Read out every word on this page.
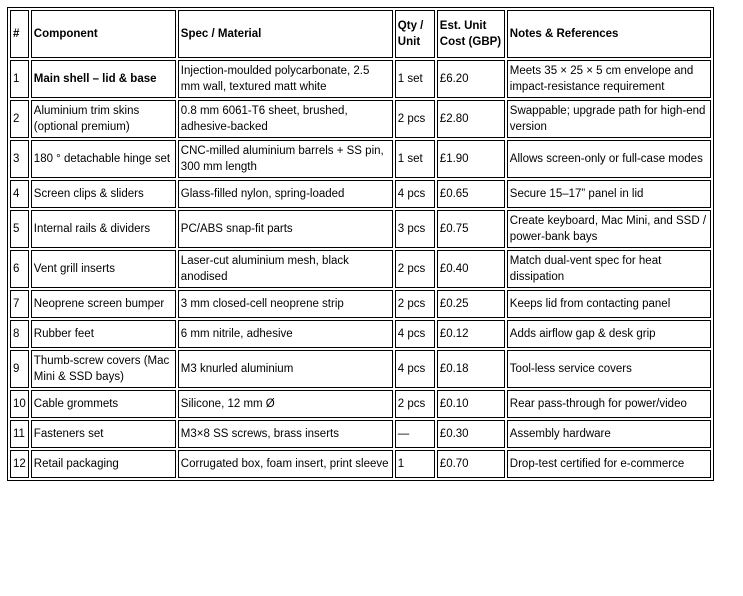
#	Component	Spec / Material	Qty / Unit	Est. Unit Cost (GBP)	Notes & References
1	Main shell – lid & base	Injection-moulded polycarbonate, 2.5 mm wall, textured matt white	1 set	£6.20	Meets 35 × 25 × 5 cm envelope and impact-resistance requirement
2	Aluminium trim skins (optional premium)	0.8 mm 6061-T6 sheet, brushed, adhesive-backed	2 pcs	£2.80	Swappable; upgrade path for high-end version
3	180 ° detachable hinge set	CNC-milled aluminium barrels + SS pin, 300 mm length	1 set	£1.90	Allows screen-only or full-case modes
4	Screen clips & sliders	Glass-filled nylon, spring-loaded	4 pcs	£0.65	Secure 15–17” panel in lid
5	Internal rails & dividers	PC/ABS snap-fit parts	3 pcs	£0.75	Create keyboard, Mac Mini, and SSD / power-bank bays
6	Vent grill inserts	Laser-cut aluminium mesh, black anodised	2 pcs	£0.40	Match dual-vent spec for heat dissipation
7	Neoprene screen bumper	3 mm closed-cell neoprene strip	2 pcs	£0.25	Keeps lid from contacting panel
8	Rubber feet	6 mm nitrile, adhesive	4 pcs	£0.12	Adds airflow gap & desk grip
9	Thumb-screw covers (Mac Mini & SSD bays)	M3 knurled aluminium	4 pcs	£0.18	Tool-less service covers
10	Cable grommets	Silicone, 12 mm Ø	2 pcs	£0.10	Rear pass-through for power/video
11	Fasteners set	M3×8 SS screws, brass inserts	—	£0.30	Assembly hardware
12	Retail packaging	Corrugated box, foam insert, print sleeve	1	£0.70	Drop-test certified for e-commerce
